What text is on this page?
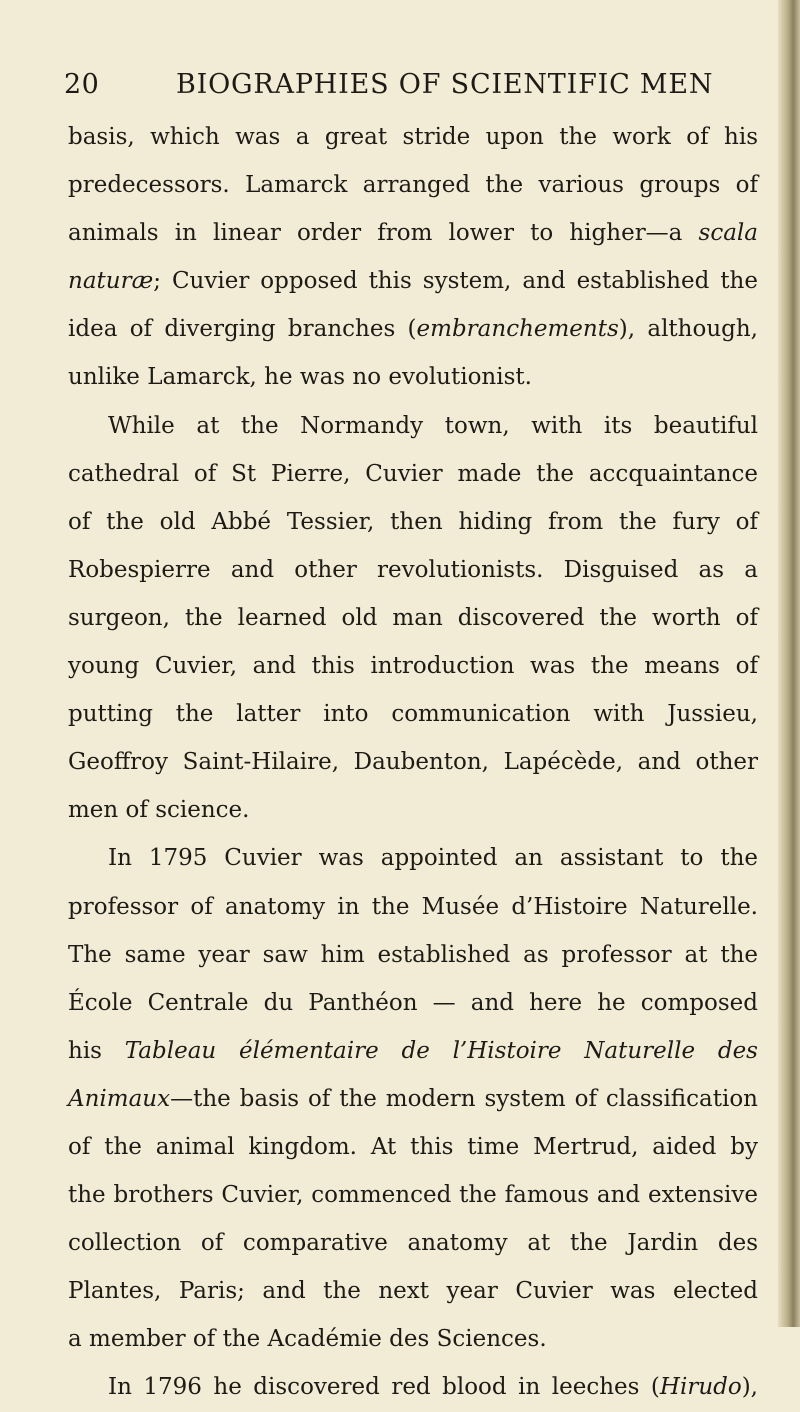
20	BIOGRAPHIES OF SCIENTIFIC MEN
basis, which was a great stride upon the work of his
predecessors. Lamarck arranged the various groups of
animals in linear order from lower to higher—a scala
naturæ; Cuvier opposed this system, and established the
idea of diverging branches (embranchements), although,
unlike Lamarck, he was no evolutionist.
While at the Normandy town, with its beautiful
cathedral of St Pierre, Cuvier made the accquaintance
of the old Abbé Tessier, then hiding from the fury of
Robespierre and other revolutionists. Disguised as a
surgeon, the learned old man discovered the worth of
young Cuvier, and this introduction was the means of
putting the latter into communication with Jussieu,
Geoffroy Saint-Hilaire, Daubenton, Lapécède, and other
men of science.
In 1795 Cuvier was appointed an assistant to the
professor of anatomy in the Musée d’Histoire Naturelle.
The same year saw him established as professor at the
École Centrale du Panthéon — and here he composed
his Tableau élémentaire de l’Histoire Naturelle des
Animaux—the basis of the modern system of classification
of the animal kingdom. At this time Mertrud, aided by
the brothers Cuvier, commenced the famous and extensive
collection of comparative anatomy at the Jardin des
Plantes, Paris; and the next year Cuvier was elected
a member of the Académie des Sciences.
In 1796 he discovered red blood in leeches (Hirudo),
